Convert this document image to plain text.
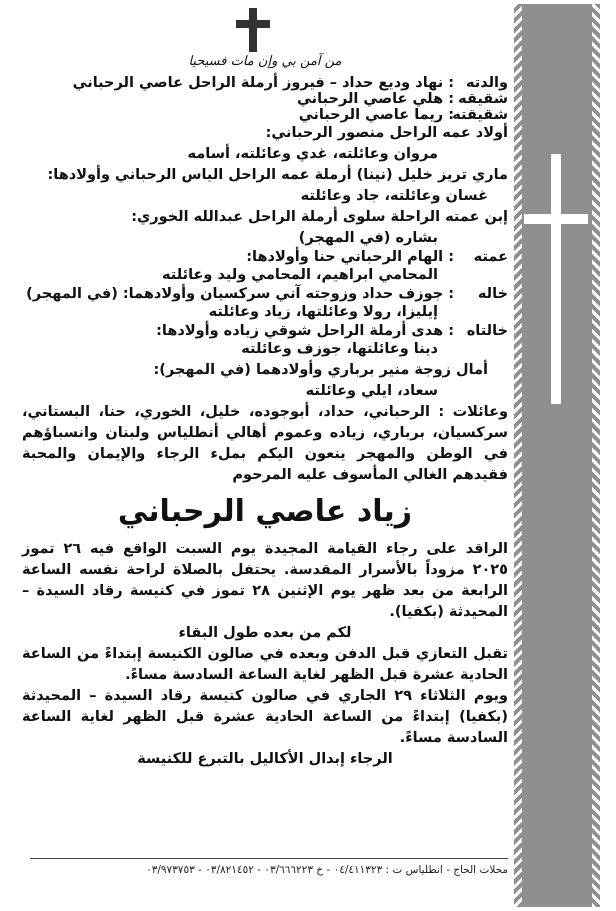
من آمن بي وإن مات فسيحيا
والدته
: نهاد وديع حداد – فيروز أرملة الراحل عاصي الرحباني
شقيقه
: هلي عاصي الرحباني
شقيقته
: ريما عاصي الرحباني
أولاد عمه الراحل منصور الرحباني:
مروان وعائلته، غدي وعائلته، أسامه
ماري تريز خليل (نينا) أرملة عمه الراحل الياس الرحباني وأولادها:
غسان وعائلته، جاد وعائلته
إبن عمته الراحلة سلوى أرملة الراحل عبدالله الخوري:
بشاره (في المهجر)
عمته
: الهام الرحباني حنا وأولادها:
المحامي ابراهيم، المحامي وليد وعائلته
خاله
: جوزف حداد وزوجته آني سركسيان وأولادهما: (في المهجر)
إيليزا، رولا وعائلتها، زياد وعائلته
خالتاه
: هدى أرملة الراحل شوقي زياده وأولادها:
دينا وعائلتها، جوزف وعائلته
أمال زوجة منير برباري وأولادهما (في المهجر):
سعاد، ايلي وعائلته
وعائلات : الرحباني، حداد، أبوجوده، خليل، الخوري، حنا، البستاني، سركسيان، برباري، زياده وعموم أهالي أنطلياس ولبنان وانسباؤهم في الوطن والمهجر ينعون اليكم بملء الرجاء والإيمان والمحبة فقيدهم الغالي المأسوف عليه المرحوم
زياد عاصي الرحباني
الراقد على رجاء القيامة المجيدة يوم السبت الواقع فيه ٢٦ تموز ٢٠٢٥ مزوداً بالأسرار المقدسة. يحتفل بالصلاة لراحة نفسه الساعة الرابعة من بعد ظهر يوم الإثنين ٢٨ تموز في كنيسة رقاد السيدة – المحيدثة (بكفيا).
لكم من بعده طول البقاء
تقبل التعازي قبل الدفن وبعده في صالون الكنيسة إبتداءً من الساعة الحادية عشرة قبل الظهر لغاية الساعة السادسة مساءً.
ويوم الثلاثاء ٢٩ الجاري في صالون كنيسة رقاد السيدة – المحيدثة (بكفيا) إبتداءً من الساعة الحادية عشرة قبل الظهر لغاية الساعة السادسة مساءً.
الرجاء إبدال الأكاليل بالتبرع للكنيسة
محلات الحاج - انطلياس ت : ٠٤/٤١١٣٢٣ - خ ٠٣/٦٦٦٢٢٣ - ٠٣/٨٢١٤٥٢ - ٠٣/٩٧٣٧٥٣
